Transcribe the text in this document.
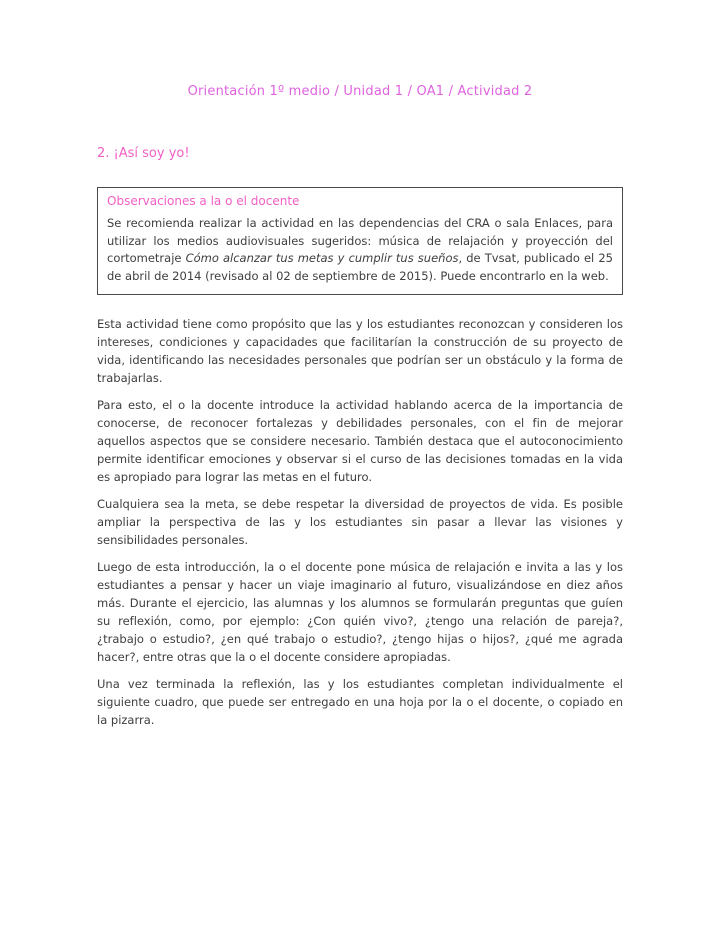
Orientación 1º medio / Unidad 1 / OA1 / Actividad 2
2. ¡Así soy yo!
Observaciones a la o el docente

Se recomienda realizar la actividad en las dependencias del CRA o sala Enlaces, para utilizar los medios audiovisuales sugeridos: música de relajación y proyección del cortometraje Cómo alcanzar tus metas y cumplir tus sueños, de Tvsat, publicado el 25 de abril de 2014 (revisado al 02 de septiembre de 2015). Puede encontrarlo en la web.

Esta actividad tiene como propósito que las y los estudiantes reconozcan y consideren los intereses, condiciones y capacidades que facilitarían la construcción de su proyecto de vida, identificando las necesidades personales que podrían ser un obstáculo y la forma de trabajarlas.

Para esto, el o la docente introduce la actividad hablando acerca de la importancia de conocerse, de reconocer fortalezas y debilidades personales, con el fin de mejorar aquellos aspectos que se considere necesario. También destaca que el autoconocimiento permite identificar emociones y observar si el curso de las decisiones tomadas en la vida es apropiado para lograr las metas en el futuro.

Cualquiera sea la meta, se debe respetar la diversidad de proyectos de vida. Es posible ampliar la perspectiva de las y los estudiantes sin pasar a llevar las visiones y sensibilidades personales.

Luego de esta introducción, la o el docente pone música de relajación e invita a las y los estudiantes a pensar y hacer un viaje imaginario al futuro, visualizándose en diez años más. Durante el ejercicio, las alumnas y los alumnos se formularán preguntas que guíen su reflexión, como, por ejemplo: ¿Con quién vivo?, ¿tengo una relación de pareja?, ¿trabajo o estudio?, ¿en qué trabajo o estudio?, ¿tengo hijas o hijos?, ¿qué me agrada hacer?, entre otras que la o el docente considere apropiadas.

Una vez terminada la reflexión, las y los estudiantes completan individualmente el siguiente cuadro, que puede ser entregado en una hoja por la o el docente, o copiado en la pizarra.
